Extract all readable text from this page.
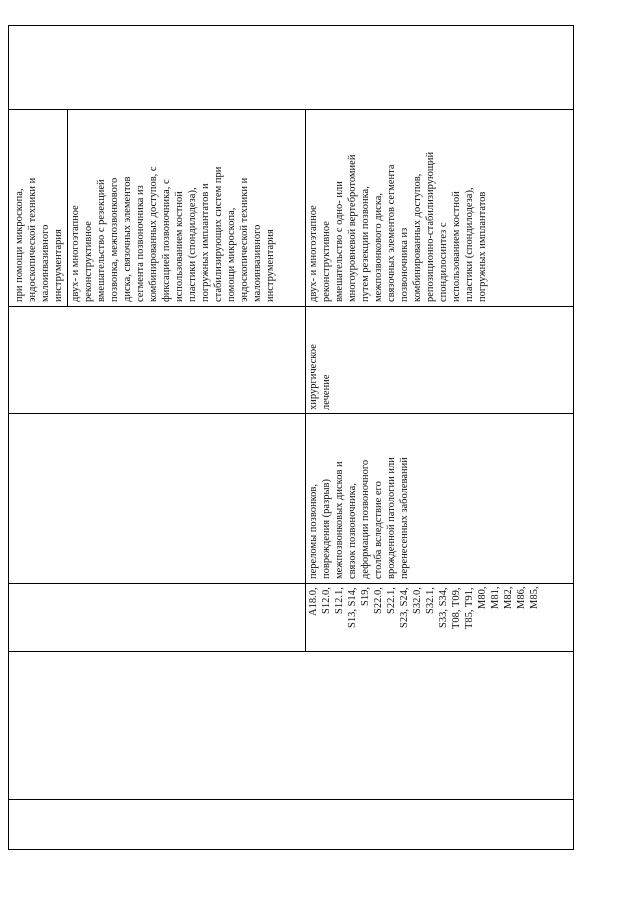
при помощи микроскопа,
эндоскопической техники и
малоинвазивного
инструментария двух- и многоэтапное
реконструктивное
вмешательство с резекцией
позвонка, межпозвонкового
диска, связочных элементов
сегмента позвоночника из
комбинированных доступов, с
фиксацией позвоночника, с
использованием костной
пластики (спондилодеза),
погружных имплантатов и
стабилизирующих систем при
помощи микроскопа,
эндоскопической техники и
малоинвазивного
инструментария	двух- и многоэтапное
реконструктивное
вмешательство с одно- или
многоуровневой вертебротомией
путем резекции позвонка,
межпозвонкового диска,
связочных элементов сегмента
позвоночника из
комбинированных доступов,
репозиционно-стабилизирующий
спондилосинтез с
использованием костной
пластики (спондилодеза),
погружных имплантатов
хирургическое
лечение
переломы позвонков,
повреждения (разрыв)
межпозвонковых дисков и
связок позвоночника,
деформации позвоночного
столба вследствие его
врожденной патологии или
перенесенных заболеваний
A18.0,
S12.0,
S12.1,
S13, S14,
S19,
S22.0,
S22.1,
S23, S24,
S32.0,
S32.1,
S33, S34,
T08, T09,
T85, T91,
M80,
M81,
M82,
M86,
M85,
